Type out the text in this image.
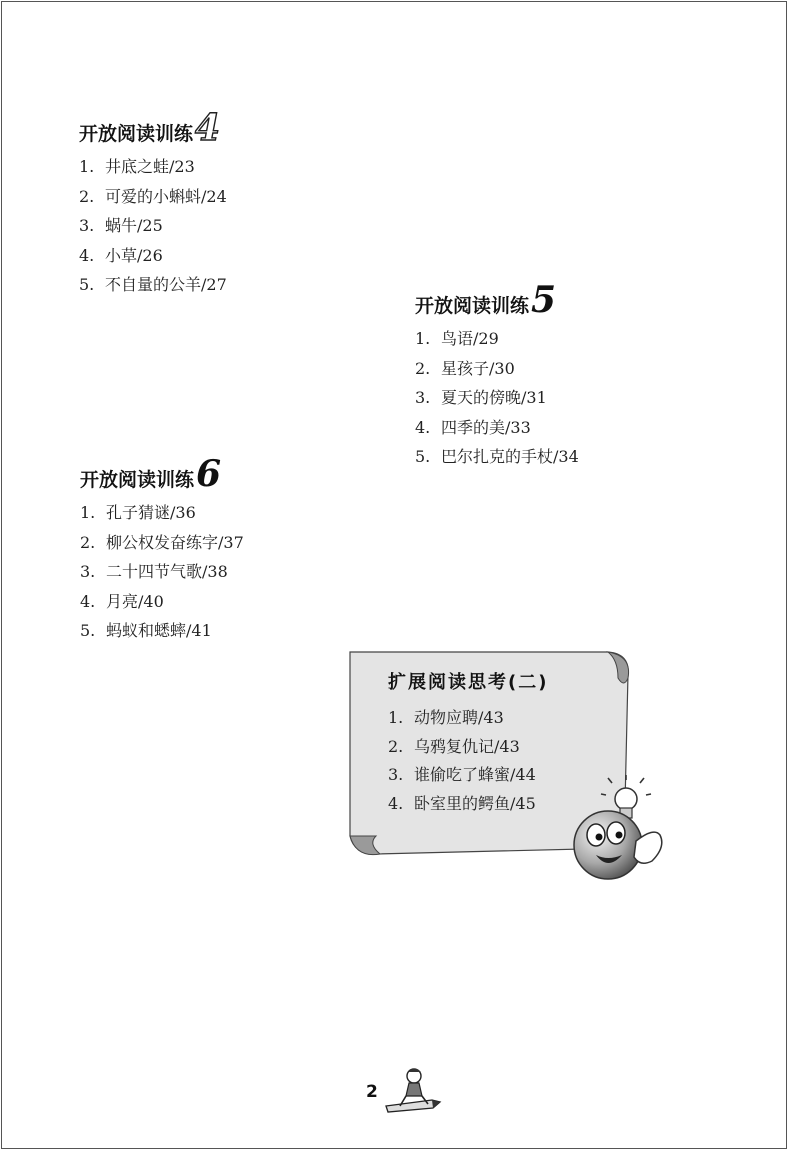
开放阅读训练 4
1. 井底之蛙/23
2. 可爱的小蝌蚪/24
3. 蜗牛/25
4. 小草/26
5. 不自量的公羊/27
开放阅读训练 5
1. 鸟语/29
2. 星孩子/30
3. 夏天的傍晚/31
4. 四季的美/33
5. 巴尔扎克的手杖/34
开放阅读训练 6
1. 孔子猜谜/36
2. 柳公权发奋练字/37
3. 二十四节气歌/38
4. 月亮/40
5. 蚂蚁和蟋蟀/41
扩展阅读思考(二)
1. 动物应聘/43
2. 乌鸦复仇记/43
3. 谁偷吃了蜂蜜/44
4. 卧室里的鳄鱼/45
2
